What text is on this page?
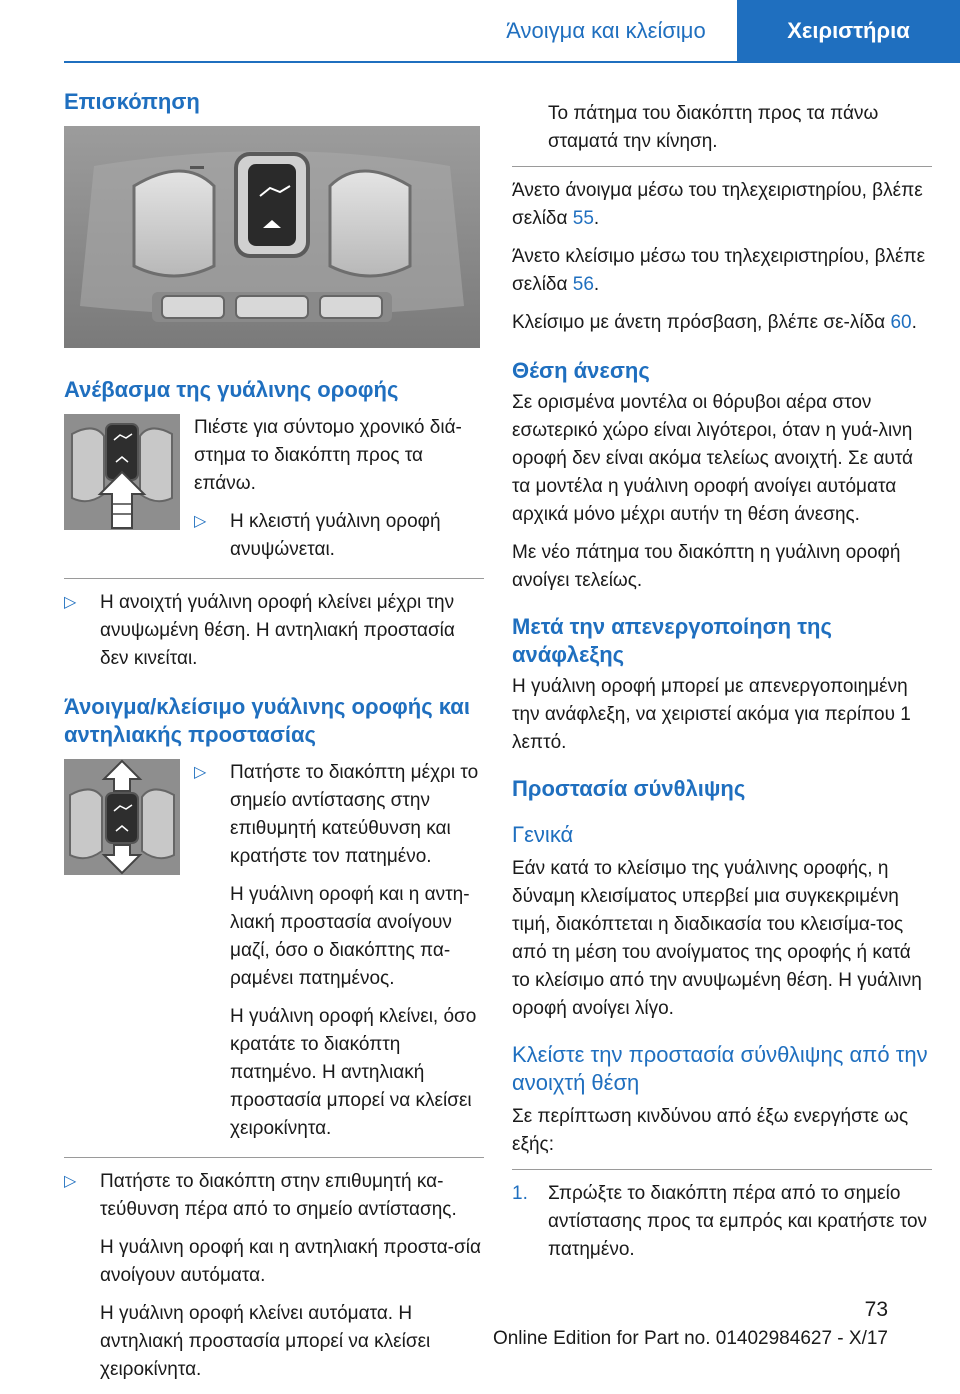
Άνοιγμα και κλείσιμο	Χειριστήρια
Επισκόπηση
Ανέβασμα της γυάλινης οροφής

Πιέστε για σύντομο χρονικό διά-στημα το διακόπτη προς τα επάνω.

▷ Η κλειστή γυάλινη οροφή ανυψώνεται.

▷ Η ανοιχτή γυάλινη οροφή κλείνει μέχρι την ανυψωμένη θέση. Η αντηλιακή προστασία δεν κινείται.

Άνοιγμα/κλείσιμο γυάλινης οροφής και αντηλιακής προστασίας
▷ Πατήστε το διακόπτη μέχρι το σημείο αντίστασης στην επιθυμητή κατεύθυνση και κρατήστε τον πατημένο.

Η γυάλινη οροφή και η αντη-λιακή προστασία ανοίγουν μαζί, όσο ο διακόπτης πα-ραμένει πατημένος.

Η γυάλινη οροφή κλείνει, όσο κρατάτε το διακόπτη πατημένο. Η αντηλιακή προστασία μπορεί να κλείσει χειροκίνητα.

▷ Πατήστε το διακόπτη στην επιθυμητή κα-τεύθυνση πέρα από το σημείο αντίστασης.

Η γυάλινη οροφή και η αντηλιακή προστα-σία ανοίγουν αυτόματα.

Η γυάλινη οροφή κλείνει αυτόματα. Η αντηλιακή προστασία μπορεί να κλείσει χειροκίνητα.

Το πάτημα του διακόπτη προς τα πάνω σταματά την κίνηση.

Άνετο άνοιγμα μέσω του τηλεχειριστηρίου, βλέπε σελίδα 55.

Άνετο κλείσιμο μέσω του τηλεχειριστηρίου, βλέπε σελίδα 56.

Κλείσιμο με άνετη πρόσβαση, βλέπε σε-λίδα 60.

Θέση άνεσης

Σε ορισμένα μοντέλα οι θόρυβοι αέρα στον εσωτερικό χώρο είναι λιγότεροι, όταν η γυά-λινη οροφή δεν είναι ακόμα τελείως ανοιχτή. Σε αυτά τα μοντέλα η γυάλινη οροφή ανοίγει αυτόματα αρχικά μόνο μέχρι αυτήν τη θέση άνεσης.

Με νέο πάτημα του διακόπτη η γυάλινη οροφή ανοίγει τελείως.

Μετά την απενεργοποίηση της ανάφλεξης

Η γυάλινη οροφή μπορεί με απενεργοποιημένη την ανάφλεξη, να χειριστεί ακόμα για περίπου 1 λεπτό.

Προστασία σύνθλιψης
Γενικά

Εάν κατά το κλείσιμο της γυάλινης οροφής, η δύναμη κλεισίματος υπερβεί μια συγκεκριμένη τιμή, διακόπτεται η διαδικασία του κλεισίμα-τος από τη μέση του ανοίγματος της οροφής ή κατά το κλείσιμο από την ανυψωμένη θέση. Η γυάλινη οροφή ανοίγει λίγο.

Κλείστε την προστασία σύνθλιψης από την ανοιχτή θέση

Σε περίπτωση κινδύνου από έξω ενεργήστε ως εξής:

1. Σπρώξτε το διακόπτη πέρα από το σημείο αντίστασης προς τα εμπρός και κρατήστε τον πατημένο.

73
Online Edition for Part no. 01402984627 - X/17
